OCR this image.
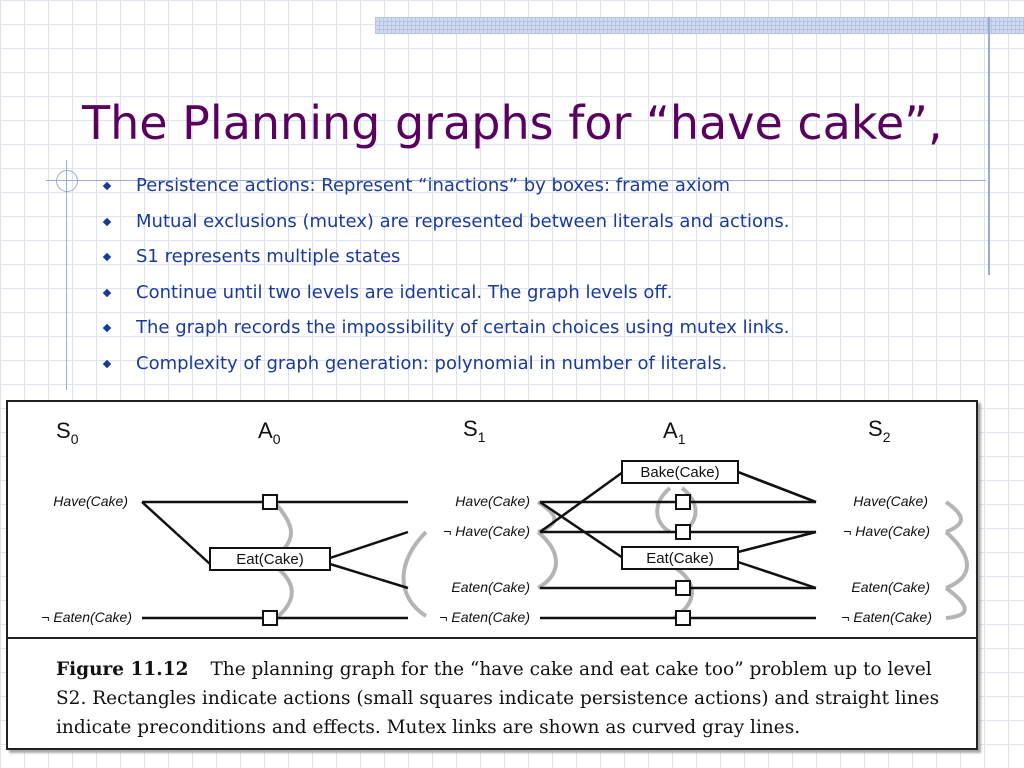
The Planning graphs for “have cake”,
Persistence actions: Represent “inactions” by boxes: frame axiom
Mutual exclusions (mutex) are represented between literals and actions.
S1 represents multiple states
Continue until two levels are identical. The graph levels off.
The graph records the impossibility of certain choices using mutex links.
Complexity of graph generation: polynomial in number of literals.
$S_0$	$A_0$	$S_1$	$A_1$	$S_2$
Eat(Cake)
Bake(Cake)
Eat(Cake)
Have(Cake)
¬ Eaten(Cake)
Have(Cake)
¬ Have(Cake)
Eaten(Cake)
¬ Eaten(Cake)
Have(Cake)
¬ Have(Cake)
Eaten(Cake)
¬ Eaten(Cake)
Figure 11.12 The planning graph for the “have cake and eat cake too” problem up to level S2. Rectangles indicate actions (small squares indicate persistence actions) and straight lines indicate preconditions and effects. Mutex links are shown as curved gray lines.
